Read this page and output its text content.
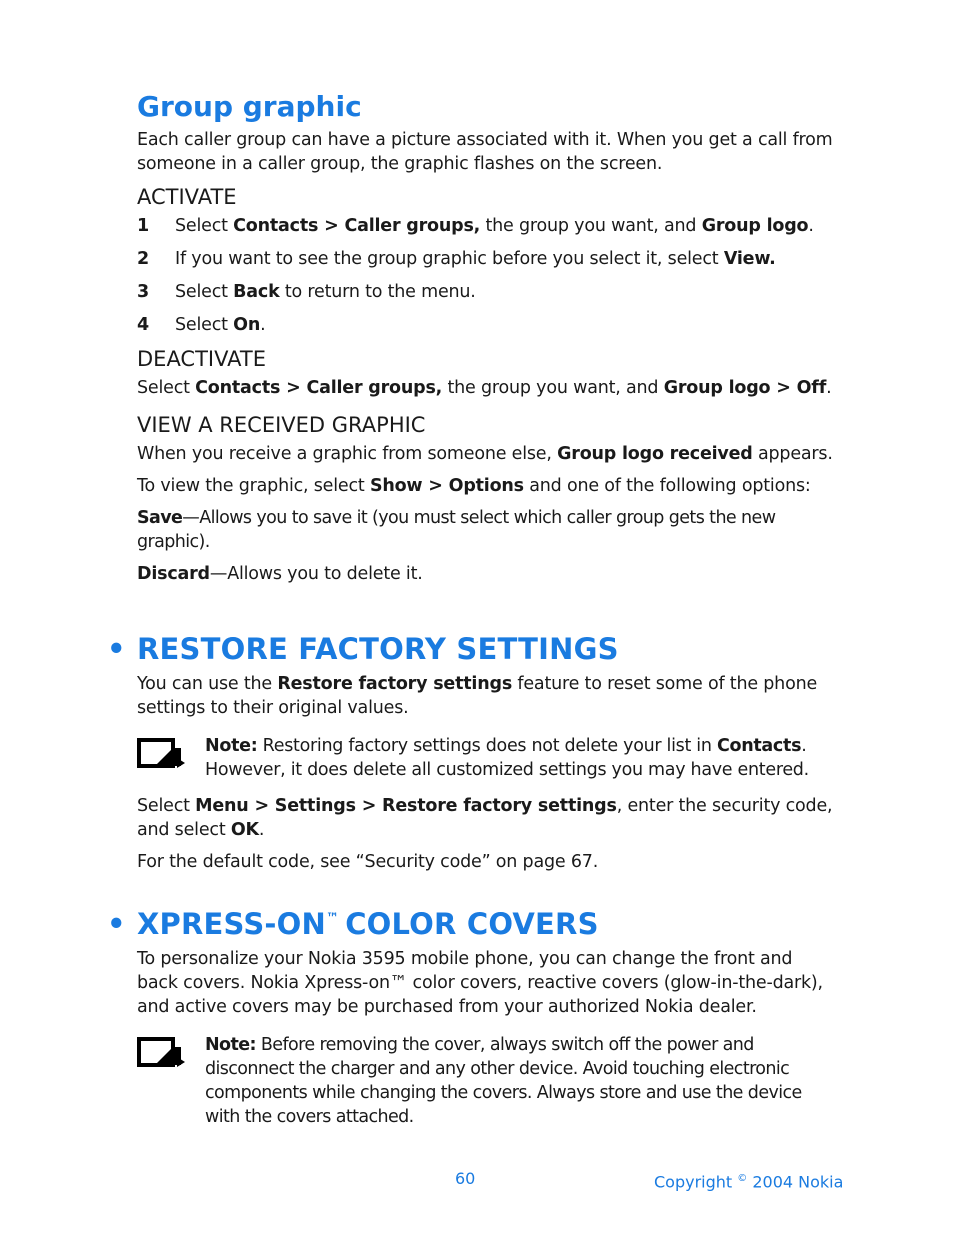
Group graphic

Each caller group can have a picture associated with it. When you get a call from someone in a caller group, the graphic flashes on the screen.

ACTIVATE
1	Select Contacts > Caller groups, the group you want, and Group logo.
2	If you want to see the group graphic before you select it, select View.
3	Select Back to return to the menu.
4	Select On.
DEACTIVATE

Select Contacts > Caller groups, the group you want, and Group logo > Off.

VIEW A RECEIVED GRAPHIC

When you receive a graphic from someone else, Group logo received appears.

To view the graphic, select Show > Options and one of the following options:

Save—Allows you to save it (you must select which caller group gets the new graphic).

Discard—Allows you to delete it.

• RESTORE FACTORY SETTINGS

You can use the Restore factory settings feature to reset some of the phone settings to their original values.

Note: Restoring factory settings does not delete your list in Contacts. However, it does delete all customized settings you may have entered.

Select Menu > Settings > Restore factory settings, enter the security code, and select OK.

For the default code, see “Security code” on page 67.

• XPRESS-ON™ COLOR COVERS

To personalize your Nokia 3595 mobile phone, you can change the front and back covers. Nokia Xpress-on™ color covers, reactive covers (glow-in-the-dark), and active covers may be purchased from your authorized Nokia dealer.

Note: Before removing the cover, always switch off the power and disconnect the charger and any other device. Avoid touching electronic components while changing the covers. Always store and use the device with the covers attached.
60	Copyright © 2004 Nokia
